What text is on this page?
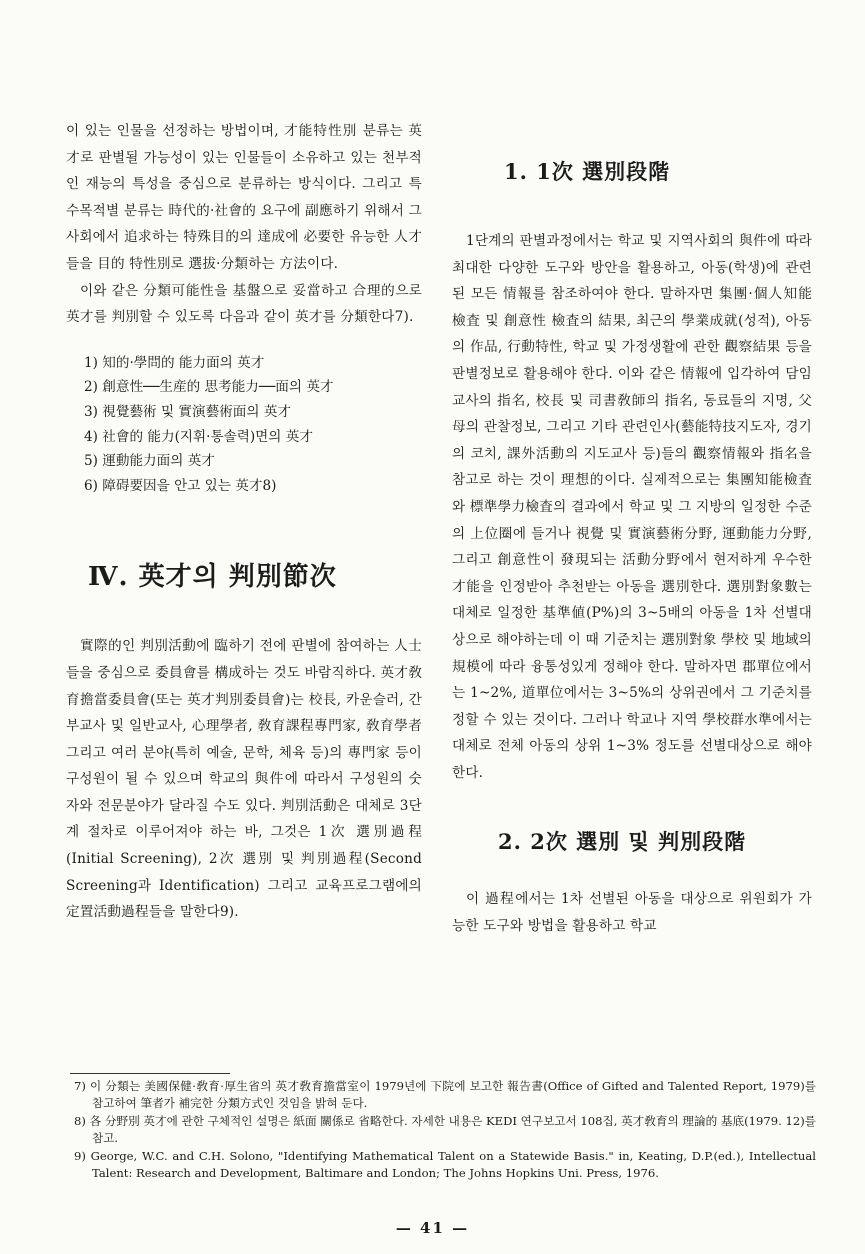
이 있는 인물을 선정하는 방법이며, 才能特性別 분류는 英才로 판별될 가능성이 있는 인물들이 소유하고 있는 천부적인 재능의 특성을 중심으로 분류하는 방식이다. 그리고 특수목적별 분류는 時代的·社會的 요구에 副應하기 위해서 그 사회에서 追求하는 特殊目的의 達成에 必要한 유능한 人才들을 目的 特性別로 選拔·分類하는 方法이다.

이와 같은 分類可能性을 基盤으로 妥當하고 合理的으로 英才를 判別할 수 있도록 다음과 같이 英才를 分類한다7).

1) 知的·學問的 能力面의 英才
2) 創意性──生産的 思考能力──面의 英才
3) 視覺藝術 및 實演藝術面의 英才
4) 社會的 能力(지휘·통솔력)면의 英才
5) 運動能力面의 英才
6) 障碍要因을 안고 있는 英才8)
Ⅳ. 英才의 判別節次

實際的인 判別活動에 臨하기 전에 판별에 참여하는 人士들을 중심으로 委員會를 構成하는 것도 바람직하다. 英才敎育擔當委員會(또는 英才判別委員會)는 校長, 카운슬러, 간부교사 및 일반교사, 心理學者, 敎育課程專門家, 敎育學者 그리고 여러 분야(특히 예술, 문학, 체육 등)의 專門家 등이 구성원이 될 수 있으며 학교의 與件에 따라서 구성원의 숫자와 전문분야가 달라질 수도 있다. 判別活動은 대체로 3단계 절차로 이루어져야 하는 바, 그것은 1次 選別過程(Initial Screening), 2次 選別 및 判別過程(Second Screening과 Identification) 그리고 교육프로그램에의 定置活動過程들을 말한다9).

1. 1次 選別段階

1단계의 판별과정에서는 학교 및 지역사회의 與件에 따라 최대한 다양한 도구와 방안을 활용하고, 아동(학생)에 관련된 모든 情報를 참조하여야 한다. 말하자면 集團·個人知能檢査 및 創意性 檢査의 結果, 최근의 學業成就(성적), 아동의 作品, 行動特性, 학교 및 가정생활에 관한 觀察結果 등을 판별정보로 활용해야 한다. 이와 같은 情報에 입각하여 담임교사의 指名, 校長 및 司書敎師의 指名, 동료들의 지명, 父母의 관찰정보, 그리고 기타 관련인사(藝能特技지도자, 경기의 코치, 課外活動의 지도교사 등)들의 觀察情報와 指名을 참고로 하는 것이 理想的이다. 실제적으로는 集團知能檢査와 標準學力檢査의 결과에서 학교 및 그 지방의 일정한 수준의 上位圈에 들거나 視覺 및 實演藝術分野, 運動能力分野, 그리고 創意性이 發現되는 活動分野에서 현저하게 우수한 才能을 인정받아 추천받는 아동을 選別한다. 選別對象數는 대체로 일정한 基準値(P%)의 3~5배의 아동을 1차 선별대상으로 해야하는데 이 때 기준치는 選別對象 學校 및 地域의 規模에 따라 융통성있게 정해야 한다. 말하자면 郡單位에서는 1~2%, 道單位에서는 3~5%의 상위권에서 그 기준치를 정할 수 있는 것이다. 그러나 학교나 지역 學校群水準에서는 대체로 전체 아동의 상위 1~3% 정도를 선별대상으로 해야 한다.

2. 2次 選別 및 判別段階

이 過程에서는 1차 선별된 아동을 대상으로 위원회가 가능한 도구와 방법을 활용하고 학교

7) 이 分類는 美國保健·敎育·厚生省의 英才敎育擔當室이 1979년에 下院에 보고한 報告書(Office of Gifted and Talented Report, 1979)를 참고하여 筆者가 補完한 分類方式인 것임을 밝혀 둔다.

8) 各 分野別 英才에 관한 구체적인 설명은 紙面 關係로 省略한다. 자세한 내용은 KEDI 연구보고서 108집, 英才敎育의 理論的 基底(1979. 12)를 참고.

9) George, W.C. and C.H. Solono, "Identifying Mathematical Talent on a Statewide Basis." in, Keating, D.P.(ed.), Intellectual Talent: Research and Development, Baltimare and London; The Johns Hopkins Uni. Press, 1976.

— 41 —
